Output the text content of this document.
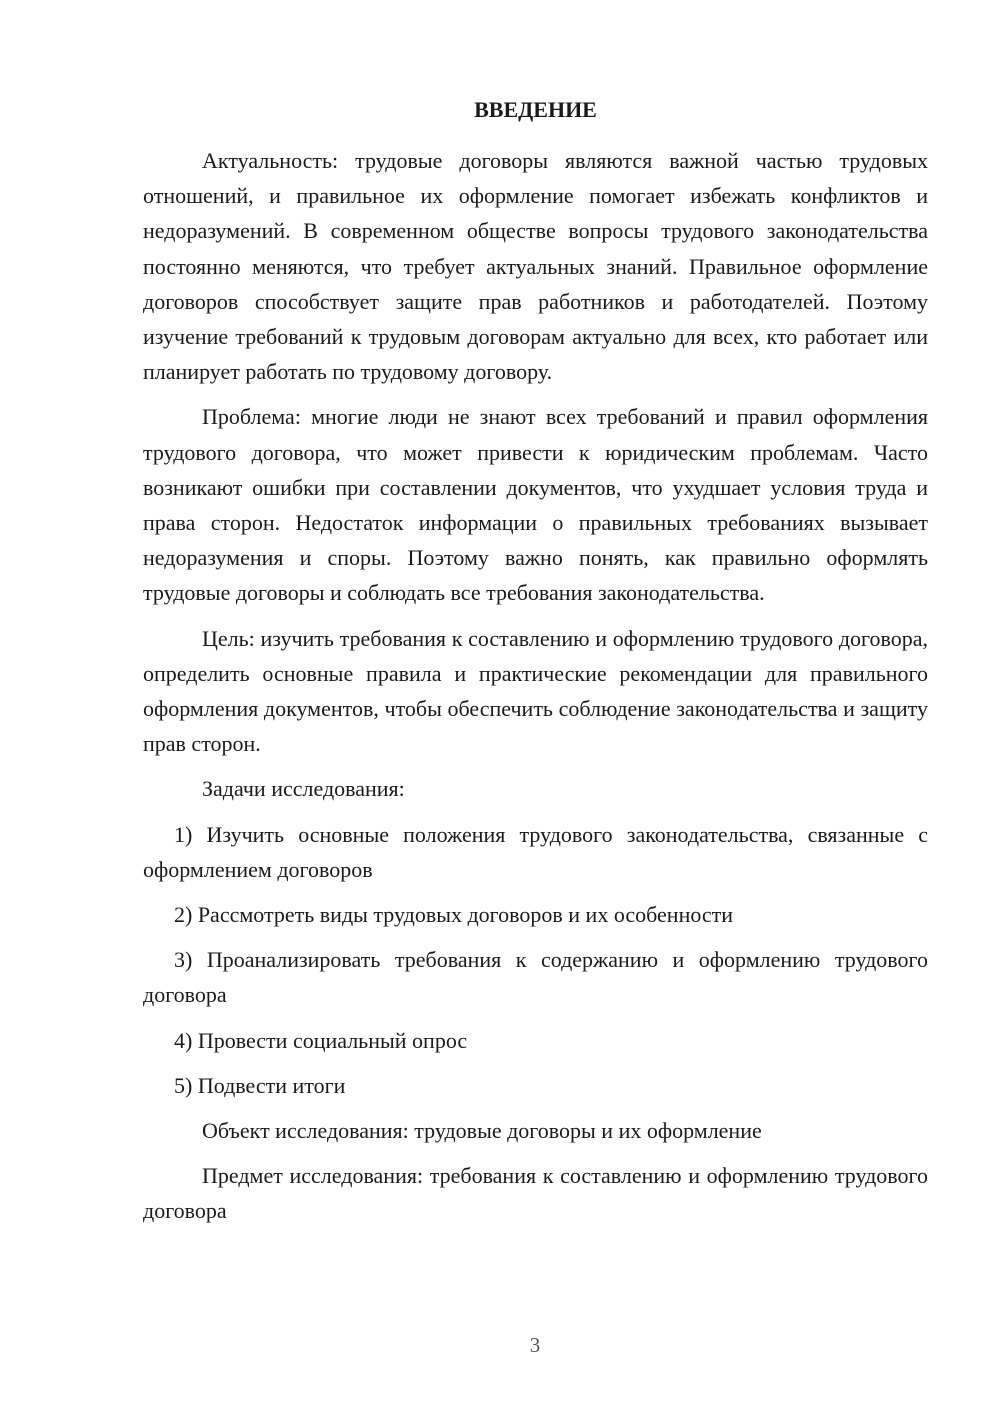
ВВЕДЕНИЕ

Актуальность: трудовые договоры являются важной частью трудовых отношений, и правильное их оформление помогает избежать конфликтов и недоразумений. В современном обществе вопросы трудового законодательства постоянно меняются, что требует актуальных знаний. Правильное оформление договоров способствует защите прав работников и работодателей. Поэтому изучение требований к трудовым договорам актуально для всех, кто работает или планирует работать по трудовому договору.

Проблема: многие люди не знают всех требований и правил оформления трудового договора, что может привести к юридическим проблемам. Часто возникают ошибки при составлении документов, что ухудшает условия труда и права сторон. Недостаток информации о правильных требованиях вызывает недоразумения и споры. Поэтому важно понять, как правильно оформлять трудовые договоры и соблюдать все требования законодательства.

Цель: изучить требования к составлению и оформлению трудового договора, определить основные правила и практические рекомендации для правильного оформления документов, чтобы обеспечить соблюдение законодательства и защиту прав сторон.

Задачи исследования:

1) Изучить основные положения трудового законодательства, связанные с оформлением договоров

2) Рассмотреть виды трудовых договоров и их особенности

3) Проанализировать требования к содержанию и оформлению трудового договора

4) Провести социальный опрос

5) Подвести итоги

Объект исследования: трудовые договоры и их оформление

Предмет исследования: требования к составлению и оформлению трудового договора

3
